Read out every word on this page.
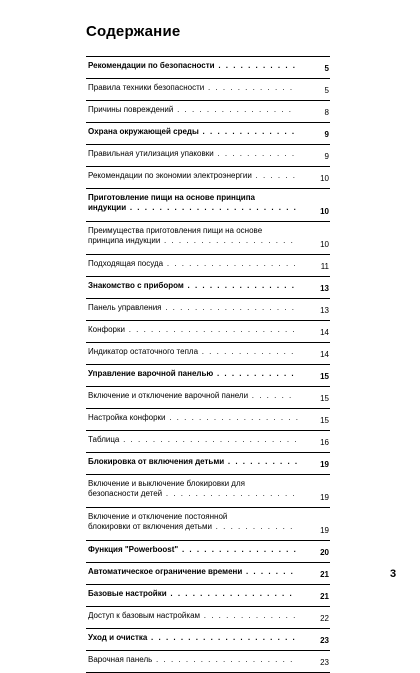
Содержание
Рекомендации по безопасности . . . . . . . . . . .	5
Правила техники безопасности . . . . . . . . . . . .	5
Причины повреждений . . . . . . . . . . . . . . . .	8
Охрана окружающей среды . . . . . . . . . . . . .	9
Правильная утилизация упаковки . . . . . . . . . . .	9
Рекомендации по экономии электроэнергии . . . . . .	10
Приготовление пищи на основе принципа
индукции . . . . . . . . . . . . . . . . . . . . . . .	10
Преимущества приготовления пищи на основе
принципа индукции . . . . . . . . . . . . . . . . . .	10
Подходящая посуда . . . . . . . . . . . . . . . . . .	11
Знакомство с прибором . . . . . . . . . . . . . . .	13
Панель управления . . . . . . . . . . . . . . . . . .	13
Конфорки . . . . . . . . . . . . . . . . . . . . . . .	14
Индикатор остаточного тепла . . . . . . . . . . . . .	14
Управление варочной панелью . . . . . . . . . . .	15
Включение и отключение варочной панели . . . . . .	15
Настройка конфорки . . . . . . . . . . . . . . . . . .	15
Таблица . . . . . . . . . . . . . . . . . . . . . . . .	16
Блокировка от включения детьми . . . . . . . . . .	19
Включение и выключение блокировки для
безопасности детей . . . . . . . . . . . . . . . . . .	19
Включение и отключение постоянной
блокировки от включения детьми . . . . . . . . . . .	19
Функция "Powerboost" . . . . . . . . . . . . . . . .	20
Автоматическое ограничение времени . . . . . . .	21
Базовые настройки . . . . . . . . . . . . . . . . .	21
Доступ к базовым настройкам . . . . . . . . . . . . .	22
Уход и очистка . . . . . . . . . . . . . . . . . . . .	23
Варочная панель . . . . . . . . . . . . . . . . . . .	23
3
